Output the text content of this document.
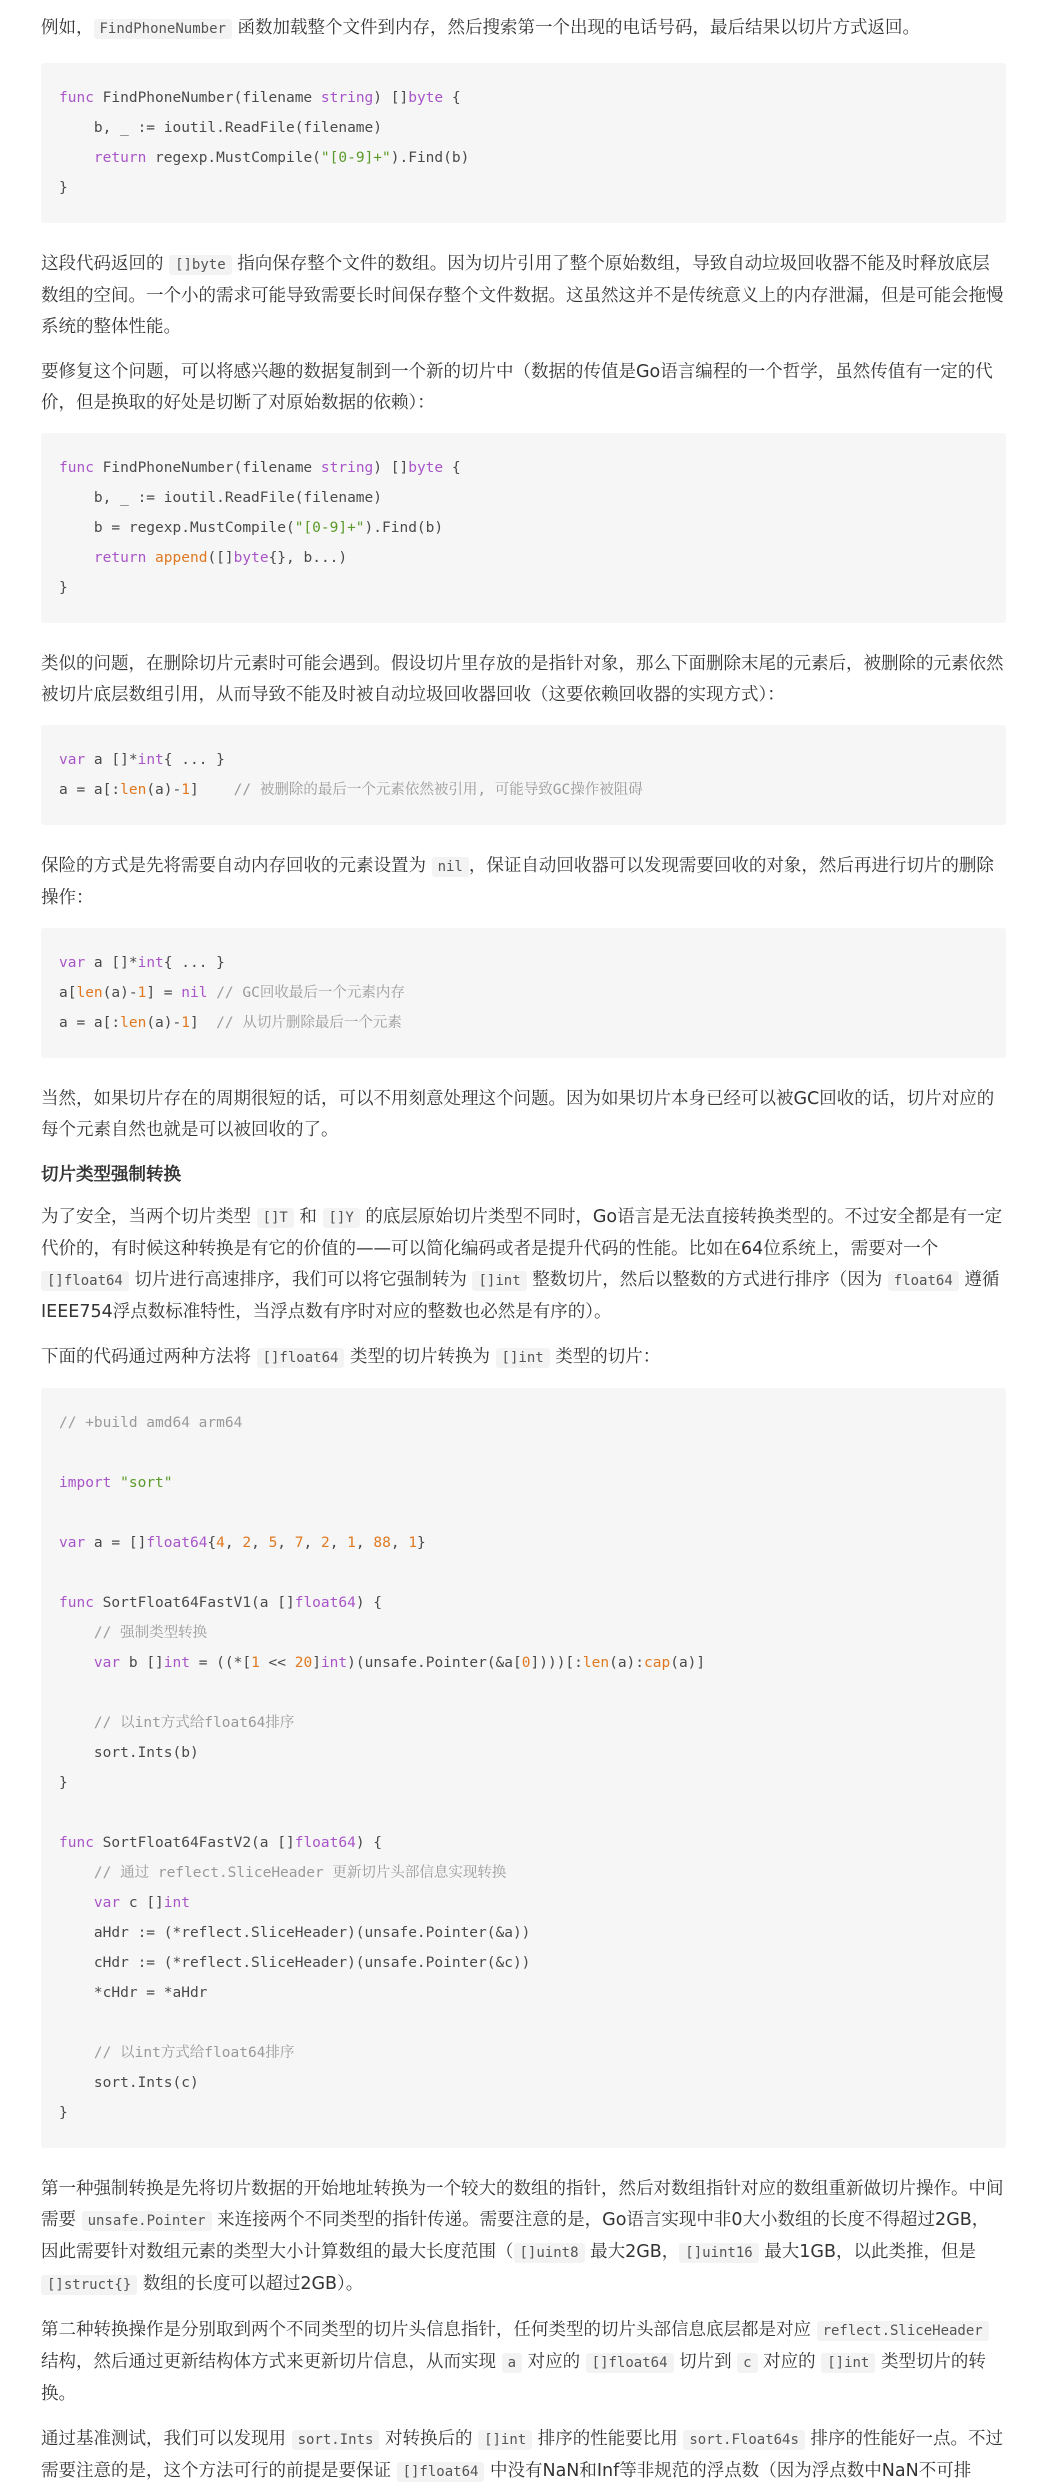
例如， FindPhoneNumber 函数加载整个文件到内存，然后搜索第一个出现的电话号码，最后结果以切片方式返回。

func FindPhoneNumber(filename string) []byte {
b, _ := ioutil.ReadFile(filename)
return regexp.MustCompile("[0-9]+").Find(b)
}

这段代码返回的 []byte 指向保存整个文件的数组。因为切片引用了整个原始数组，导致自动垃圾回收器不能及时释放底层数组的空间。一个小的需求可能导致需要长时间保存整个文件数据。这虽然这并不是传统意义上的内存泄漏，但是可能会拖慢系统的整体性能。

要修复这个问题，可以将感兴趣的数据复制到一个新的切片中（数据的传值是Go语言编程的一个哲学，虽然传值有一定的代价，但是换取的好处是切断了对原始数据的依赖）：

func FindPhoneNumber(filename string) []byte {
b, _ := ioutil.ReadFile(filename)
b = regexp.MustCompile("[0-9]+").Find(b)
return append([]byte{}, b...)
}

类似的问题，在删除切片元素时可能会遇到。假设切片里存放的是指针对象，那么下面删除末尾的元素后，被删除的元素依然被切片底层数组引用，从而导致不能及时被自动垃圾回收器回收（这要依赖回收器的实现方式）：

var a []*int{ ... }
a = a[:len(a)-1]    // 被删除的最后一个元素依然被引用, 可能导致GC操作被阻碍

保险的方式是先将需要自动内存回收的元素设置为 nil ，保证自动回收器可以发现需要回收的对象，然后再进行切片的删除操作：

var a []*int{ ... }
a[len(a)-1] = nil // GC回收最后一个元素内存
a = a[:len(a)-1]  // 从切片删除最后一个元素

当然，如果切片存在的周期很短的话，可以不用刻意处理这个问题。因为如果切片本身已经可以被GC回收的话，切片对应的每个元素自然也就是可以被回收的了。

切片类型强制转换

为了安全，当两个切片类型 []T 和 []Y 的底层原始切片类型不同时，Go语言是无法直接转换类型的。不过安全都是有一定代价的，有时候这种转换是有它的价值的——可以简化编码或者是提升代码的性能。比如在64位系统上，需要对一个 []float64 切片进行高速排序，我们可以将它强制转为 []int 整数切片，然后以整数的方式进行排序（因为 float64 遵循IEEE754浮点数标准特性，当浮点数有序时对应的整数也必然是有序的）。

下面的代码通过两种方法将 []float64 类型的切片转换为 []int 类型的切片：

// +build amd64 arm64

import "sort"

var a = []float64{4, 2, 5, 7, 2, 1, 88, 1}

func SortFloat64FastV1(a []float64) {
// 强制类型转换
var b []int = ((*[1 << 20]int)(unsafe.Pointer(&a[0])))[:len(a):cap(a)]

// 以int方式给float64排序
sort.Ints(b)
}

func SortFloat64FastV2(a []float64) {
// 通过 reflect.SliceHeader 更新切片头部信息实现转换
var c []int
aHdr := (*reflect.SliceHeader)(unsafe.Pointer(&a))
cHdr := (*reflect.SliceHeader)(unsafe.Pointer(&c))
*cHdr = *aHdr

// 以int方式给float64排序
sort.Ints(c)
}

第一种强制转换是先将切片数据的开始地址转换为一个较大的数组的指针，然后对数组指针对应的数组重新做切片操作。中间需要 unsafe.Pointer 来连接两个不同类型的指针传递。需要注意的是，Go语言实现中非0大小数组的长度不得超过2GB，因此需要针对数组元素的类型大小计算数组的最大长度范围（ []uint8 最大2GB， []uint16 最大1GB，以此类推，但是 []struct{} 数组的长度可以超过2GB）。

第二种转换操作是分别取到两个不同类型的切片头信息指针，任何类型的切片头部信息底层都是对应 reflect.SliceHeader 结构，然后通过更新结构体方式来更新切片信息，从而实现 a 对应的 []float64 切片到 c 对应的 []int 类型切片的转换。

通过基准测试，我们可以发现用 sort.Ints 对转换后的 []int 排序的性能要比用 sort.Float64s 排序的性能好一点。不过需要注意的是，这个方法可行的前提是要保证 []float64 中没有NaN和Inf等非规范的浮点数（因为浮点数中NaN不可排
